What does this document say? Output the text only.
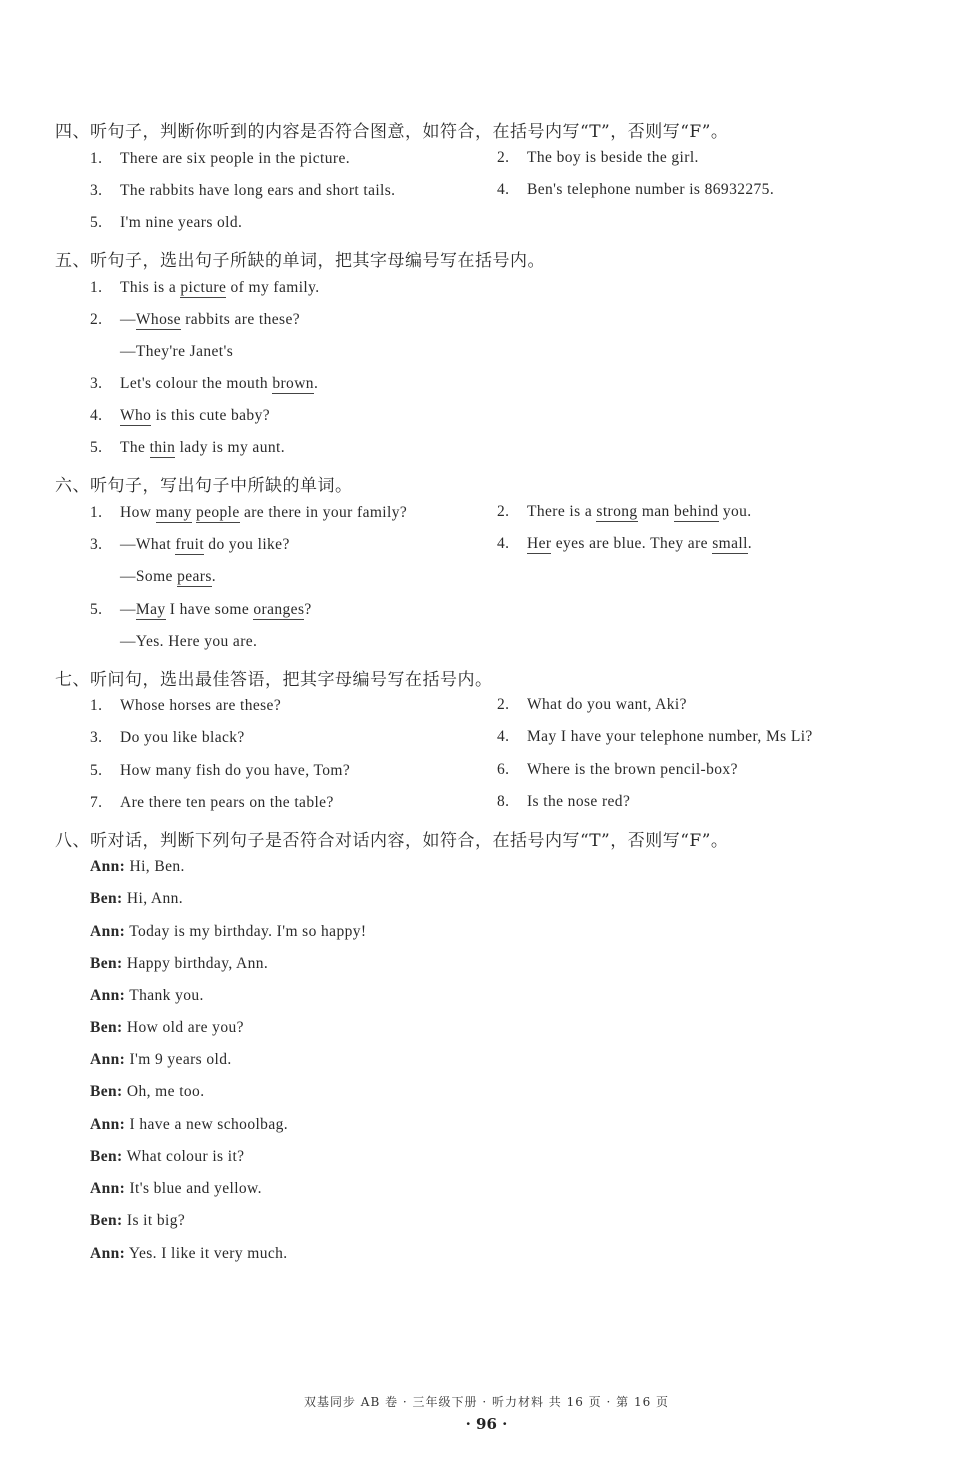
四、听句子，判断你听到的内容是否符合图意，如符合，在括号内写“T”，否则写“F”。
1. There are six people in the picture.	2. The boy is beside the girl.
3. The rabbits have long ears and short tails.	4. Ben's telephone number is 86932275.
5. I'm nine years old.
五、听句子，选出句子所缺的单词，把其字母编号写在括号内。
1. This is a picture of my family.
2. —Whose rabbits are these?
—They're Janet's
3. Let's colour the mouth brown.
4. Who is this cute baby?
5. The thin lady is my aunt.
六、听句子，写出句子中所缺的单词。
1. How many people are there in your family?	2. There is a strong man behind you.
3. —What fruit do you like?	4. Her eyes are blue. They are small.
—Some pears.
5. —May I have some oranges?
—Yes. Here you are.
七、听问句，选出最佳答语，把其字母编号写在括号内。
1. Whose horses are these?	2. What do you want, Aki?
3. Do you like black?	4. May I have your telephone number, Ms Li?
5. How many fish do you have, Tom?	6. Where is the brown pencil-box?
7. Are there ten pears on the table?	8. Is the nose red?
八、听对话，判断下列句子是否符合对话内容，如符合，在括号内写“T”，否则写“F”。
Ann: Hi, Ben.
Ben: Hi, Ann.
Ann: Today is my birthday. I'm so happy!
Ben: Happy birthday, Ann.
Ann: Thank you.
Ben: How old are you?
Ann: I'm 9 years old.
Ben: Oh, me too.
Ann: I have a new schoolbag.
Ben: What colour is it?
Ann: It's blue and yellow.
Ben: Is it big?
Ann: Yes. I like it very much.
双基同步 AB 卷 · 三年级下册 · 听力材料 共 16 页 · 第 16 页
· 96 ·
